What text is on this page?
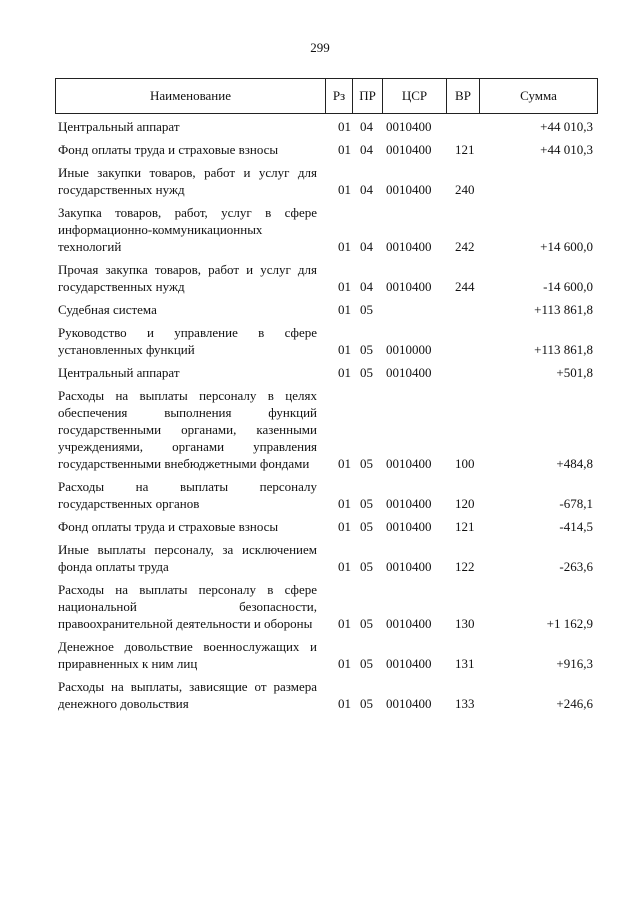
299
Наименование	Рз	ПР	ЦСР	ВР	Сумма
Центральный аппарат	01	04	0010400		+44 010,3
Фонд оплаты труда и страховые взносы	01	04	0010400	121	+44 010,3
Иные закупки товаров, работ и услуг для государственных нужд	01	04	0010400	240	
Закупка товаров, работ, услуг в сфере информационно-коммуникационных технологий	01	04	0010400	242	+14 600,0
Прочая закупка товаров, работ и услуг для государственных нужд	01	04	0010400	244	-14 600,0
Судебная система	01	05			+113 861,8
Руководство и управление в сфере установленных функций	01	05	0010000		+113 861,8
Центральный аппарат	01	05	0010400		+501,8
Расходы на выплаты персоналу в целях обеспечения выполнения функций государственными органами, казенными учреждениями, органами управления государственными внебюджетными фондами	01	05	0010400	100	+484,8
Расходы на выплаты персоналу государственных органов	01	05	0010400	120	-678,1
Фонд оплаты труда и страховые взносы	01	05	0010400	121	-414,5
Иные выплаты персоналу, за исключением фонда оплаты труда	01	05	0010400	122	-263,6
Расходы на выплаты персоналу в сфере национальной безопасности, правоохранительной деятельности и обороны	01	05	0010400	130	+1 162,9
Денежное довольствие военнослужащих и приравненных к ним лиц	01	05	0010400	131	+916,3
Расходы на выплаты, зависящие от размера денежного довольствия	01	05	0010400	133	+246,6
